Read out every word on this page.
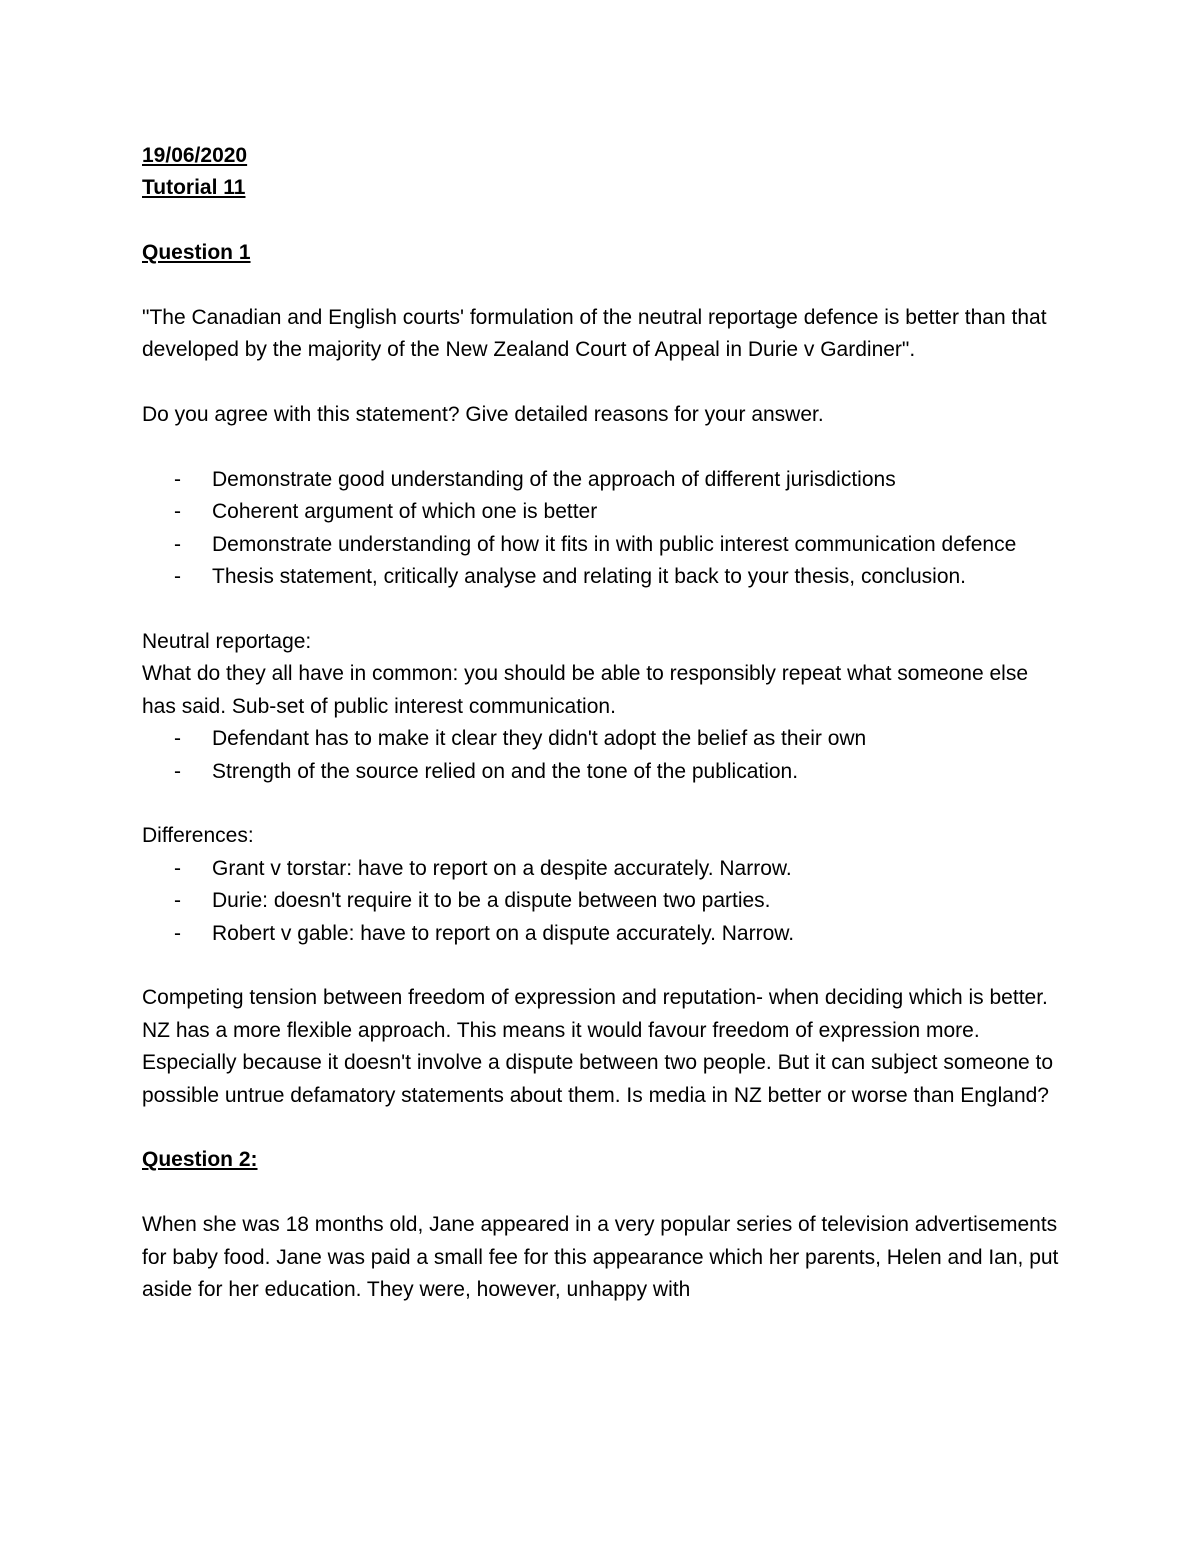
19/06/2020

Tutorial 11

Question 1

"The Canadian and English courts' formulation of the neutral reportage defence is better than that developed by the majority of the New Zealand Court of Appeal in Durie v Gardiner".

Do you agree with this statement? Give detailed reasons for your answer.

- Demonstrate good understanding of the approach of different jurisdictions
- Coherent argument of which one is better
- Demonstrate understanding of how it fits in with public interest communication defence
- Thesis statement, critically analyse and relating it back to your thesis, conclusion.

Neutral reportage:

What do they all have in common: you should be able to responsibly repeat what someone else has said. Sub-set of public interest communication.

- Defendant has to make it clear they didn't adopt the belief as their own
- Strength of the source relied on and the tone of the publication.

Differences:

- Grant v torstar: have to report on a despite accurately. Narrow.
- Durie: doesn't require it to be a dispute between two parties.
- Robert v gable: have to report on a dispute accurately. Narrow.

Competing tension between freedom of expression and reputation- when deciding which is better. NZ has a more flexible approach. This means it would favour freedom of expression more. Especially because it doesn't involve a dispute between two people. But it can subject someone to possible untrue defamatory statements about them. Is media in NZ better or worse than England?

Question 2:

When she was 18 months old, Jane appeared in a very popular series of television advertisements for baby food. Jane was paid a small fee for this appearance which her parents, Helen and Ian, put aside for her education. They were, however, unhappy with
